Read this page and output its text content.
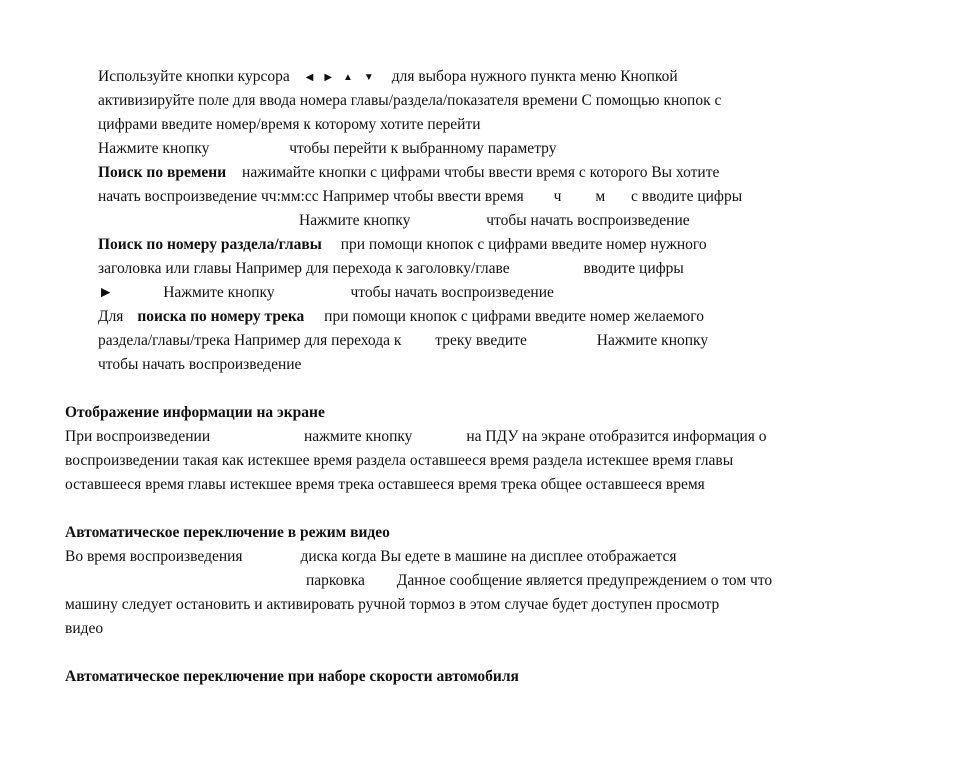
Используйте кнопки курсора ◀ ▶ ▲ ▼ для выбора нужного пункта меню Кнопкой
активизируйте поле для ввода номера главы/раздела/показателя времени С помощью кнопок с
цифрами введите номер/время к которому хотите перейти
Нажмите кнопку	чтобы перейти к выбранному параметру
Поиск по времени нажимайте кнопки с цифрами чтобы ввести время с которого Вы хотите
начать воспроизведение чч:мм:сс Например чтобы ввести время ч м с вводите цифры
Нажмите кнопку	чтобы начать воспроизведение
Поиск по номеру раздела/главы при помощи кнопок с цифрами введите номер нужного
заголовка или главы Например для перехода к заголовку/главе	вводите цифры
►	Нажмите кнопку	чтобы начать воспроизведение
Для поиска по номеру трека при помощи кнопок с цифрами введите номер желаемого
раздела/главы/трека Например для перехода к треку введите	Нажмите кнопку
чтобы начать воспроизведение
Отображение информации на экране
При воспроизведении	нажмите кнопку	на ПДУ на экране отобразится информация о
воспроизведении такая как истекшее время раздела оставшееся время раздела истекшее время главы
оставшееся время главы истекшее время трека оставшееся время трека общее оставшееся время
Автоматическое переключение в режим видео
Во время воспроизведения	диска когда Вы едете в машине на дисплее отображается
парковка Данное сообщение является предупреждением о том что
машину следует остановить и активировать ручной тормоз в этом случае будет доступен просмотр
видео
Автоматическое переключение при наборе скорости автомобиля
